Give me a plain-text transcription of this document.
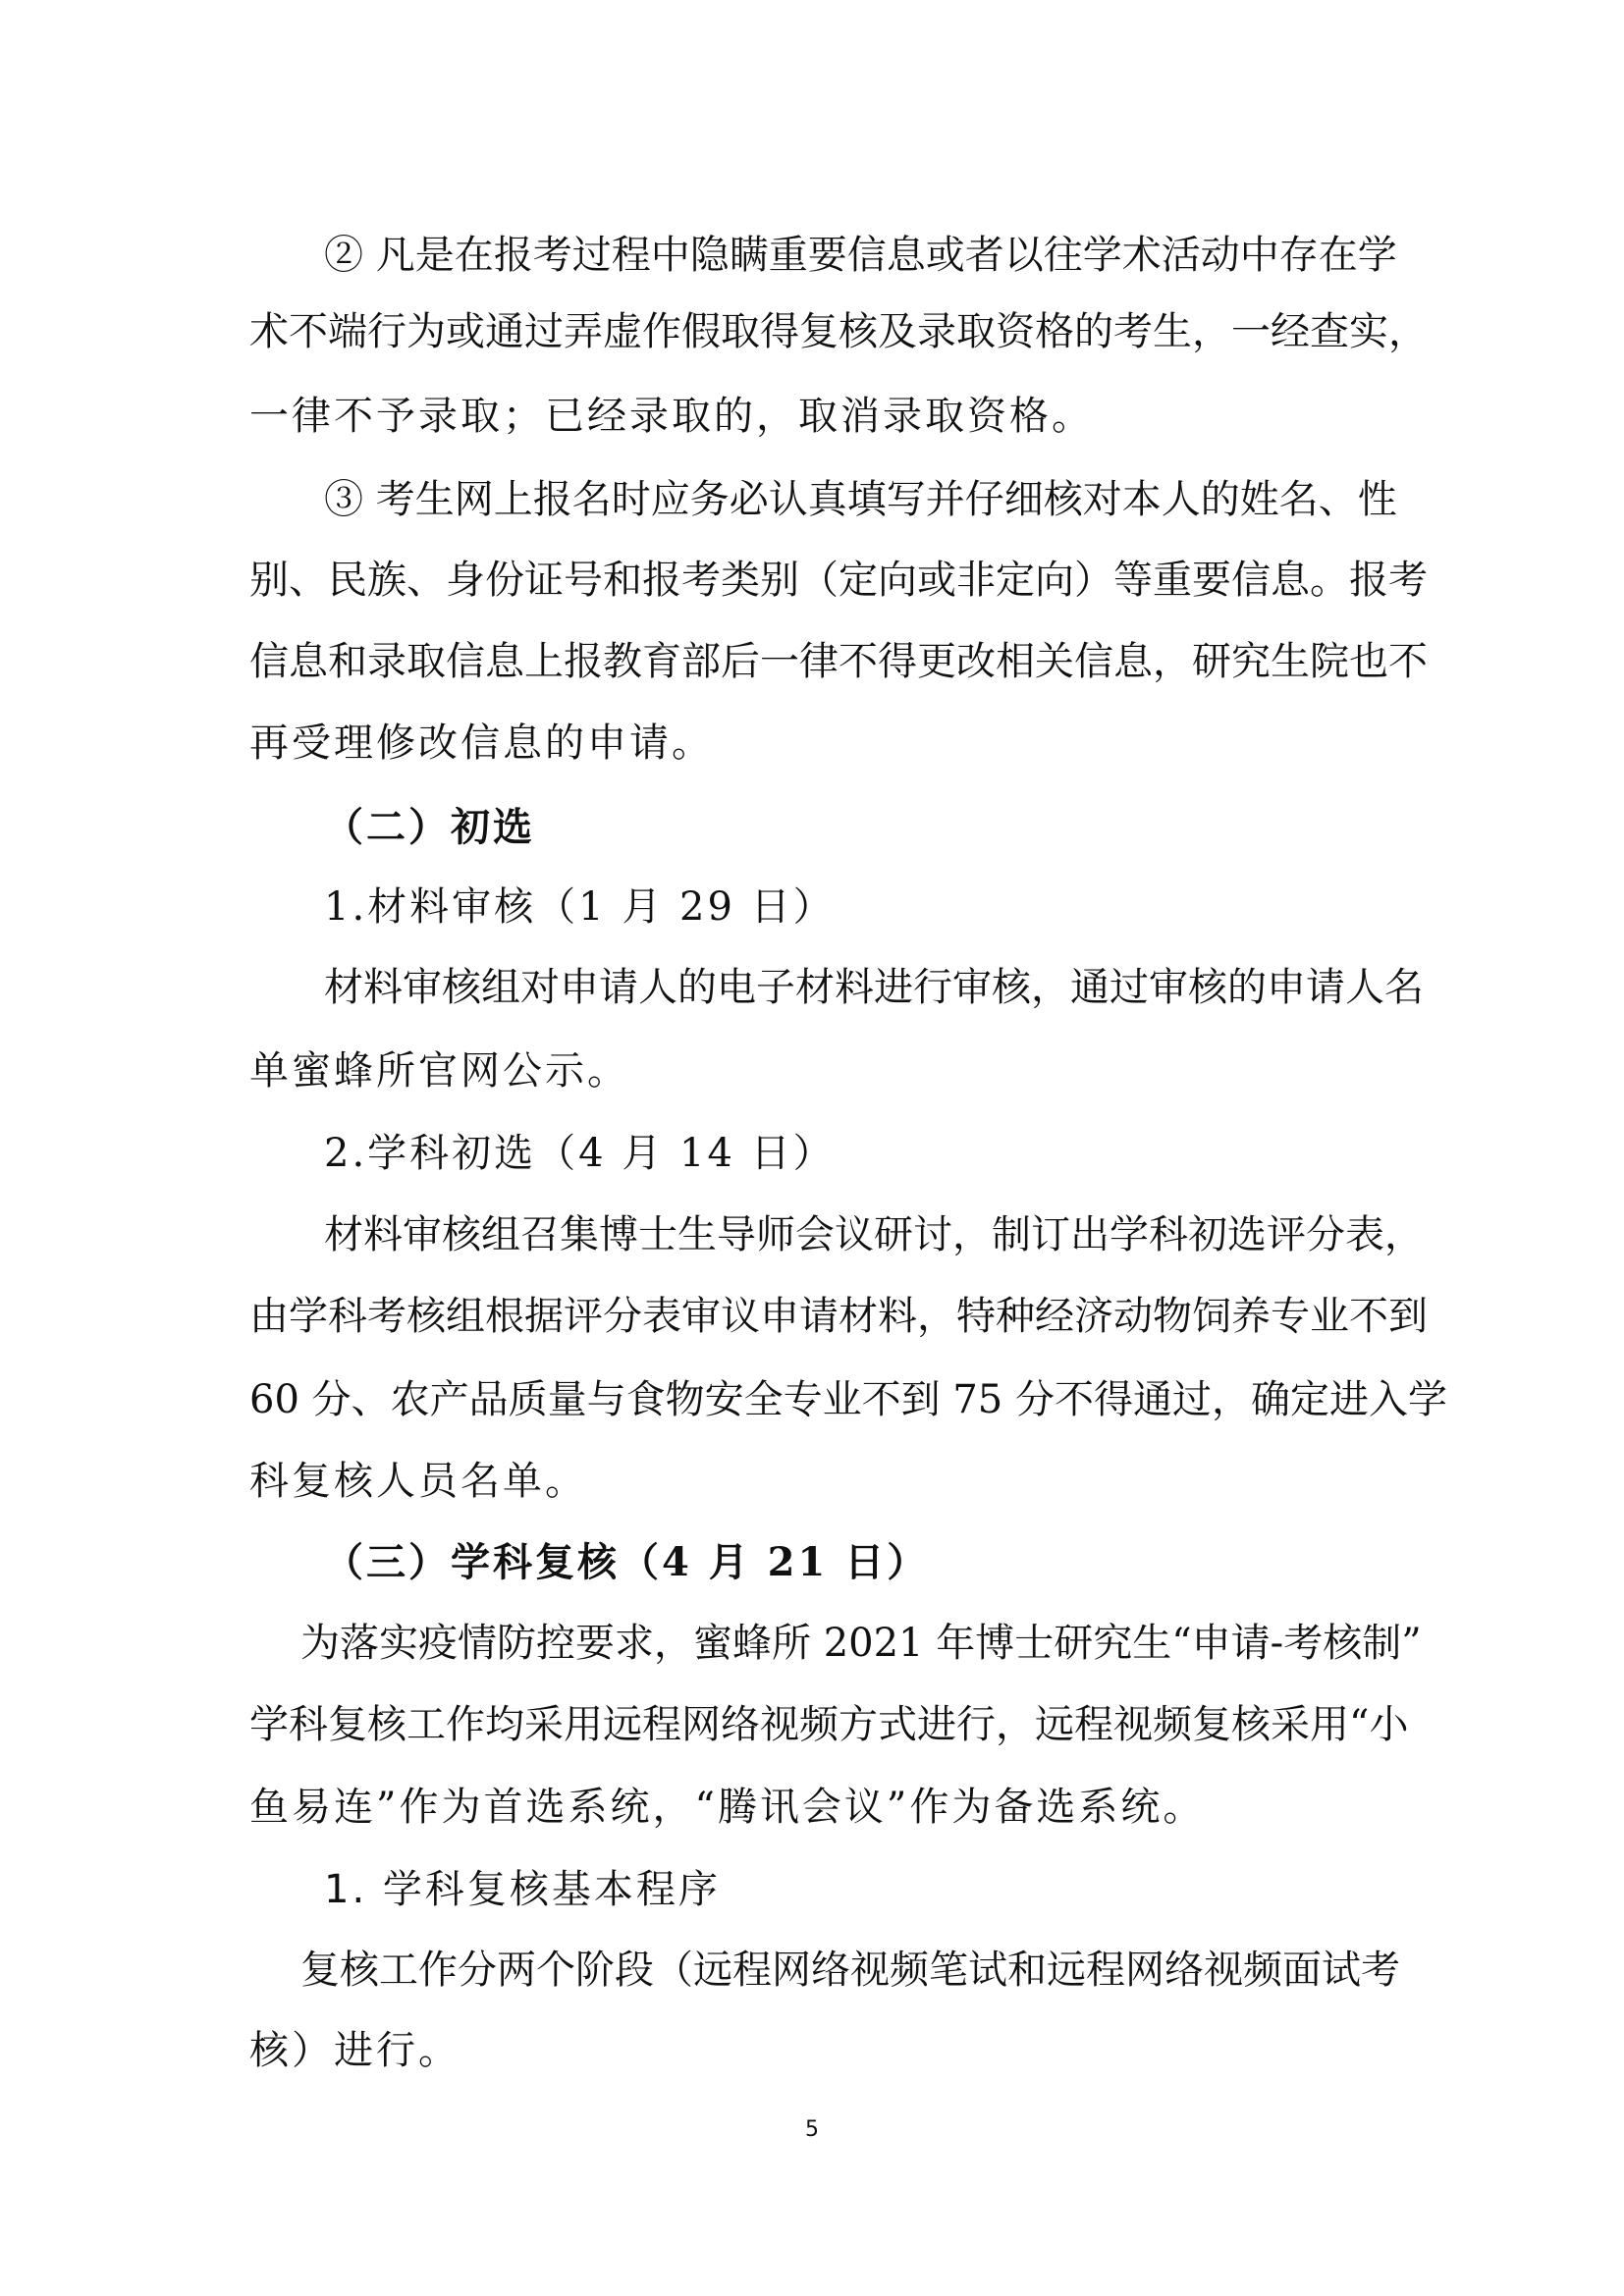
② 凡是在报考过程中隐瞒重要信息或者以往学术活动中存在学
术不端行为或通过弄虚作假取得复核及录取资格的考生，一经查实，
一律不予录取；已经录取的，取消录取资格。
③ 考生网上报名时应务必认真填写并仔细核对本人的姓名、性
别、民族、身份证号和报考类别（定向或非定向）等重要信息。报考
信息和录取信息上报教育部后一律不得更改相关信息，研究生院也不
再受理修改信息的申请。
（二）初选
1.材料审核（1 月 29 日）
材料审核组对申请人的电子材料进行审核，通过审核的申请人名
单蜜蜂所官网公示。
2.学科初选（4 月 14 日）
材料审核组召集博士生导师会议研讨，制订出学科初选评分表，
由学科考核组根据评分表审议申请材料，特种经济动物饲养专业不到
60 分、农产品质量与食物安全专业不到 75 分不得通过，确定进入学
科复核人员名单。
（三）学科复核（4 月 21 日）
为落实疫情防控要求，蜜蜂所 2021 年博士研究生“申请-考核制”
学科复核工作均采用远程网络视频方式进行，远程视频复核采用“小
鱼易连”作为首选系统，“腾讯会议”作为备选系统。
1. 学科复核基本程序
复核工作分两个阶段（远程网络视频笔试和远程网络视频面试考
核）进行。
5
